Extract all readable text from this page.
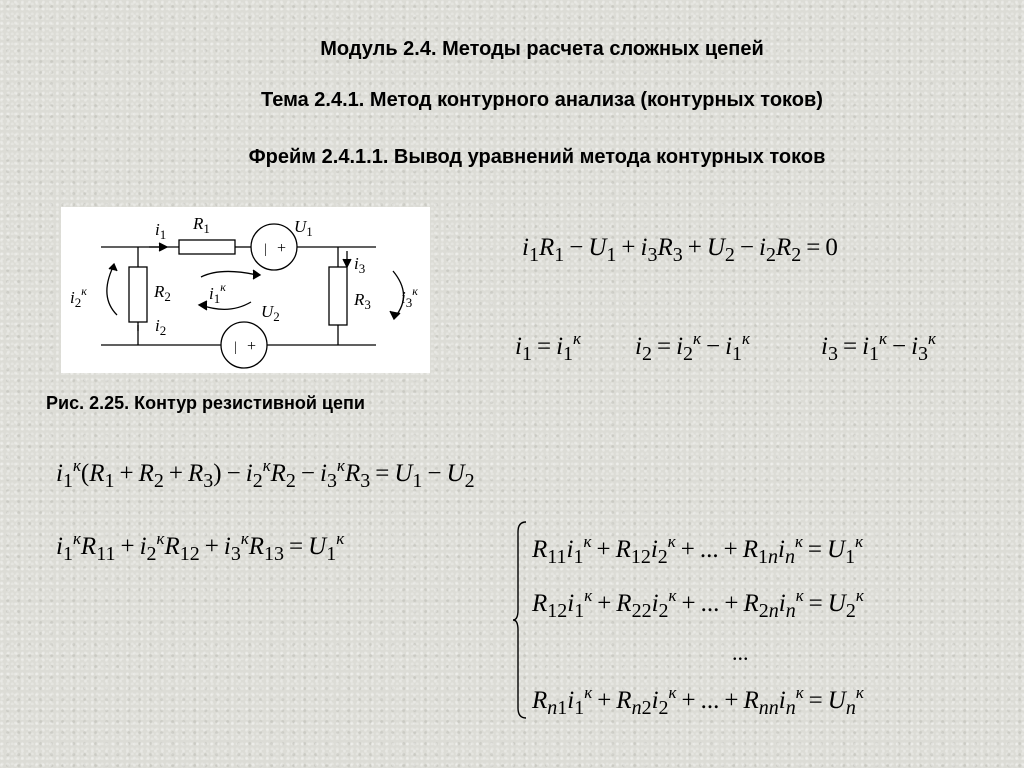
Модуль 2.4. Методы расчета сложных цепей
Тема 2.4.1. Метод контурного анализа (контурных токов)
Фрейм 2.4.1.1. Вывод уравнений метода контурных токов
$i_1$
$R_1$	$U_1$
$i_3$
$R_2$	$R_3$
$i_2^к$	$i_1^к$
$i_3^к$
$i_2$
$U_2$
| +
| +
Рис. 2.25. Контур резистивной цепи
$i_1R_1 - U_1 + i_3R_3 + U_2 - i_2R_2 = 0$
$i_1 = i_1^к$ $i_2 = i_2^к - i_1^к$	$i_3 = i_1^к - i_3^к$
$i_1^к(R_1 + R_2 + R_3) - i_2^кR_2 - i_3^кR_3 = U_1 - U_2$
$i_1^кR_{11} + i_2^кR_{12} + i_3^кR_{13} = U_1^к$	$R_{11}i_1^к + R_{12}i_2^к$ + ... + $R_{1n}i_n^к = U_1^к$
$R_{12}i_1^к + R_{22}i_2^к$ + ... + $R_{2n}i_n^к = U_2^к$
...
$R_{n1}i_1^к + R_{n2}i_2^к$ + ... + $R_{nn}i_n^к = U_n^к$
